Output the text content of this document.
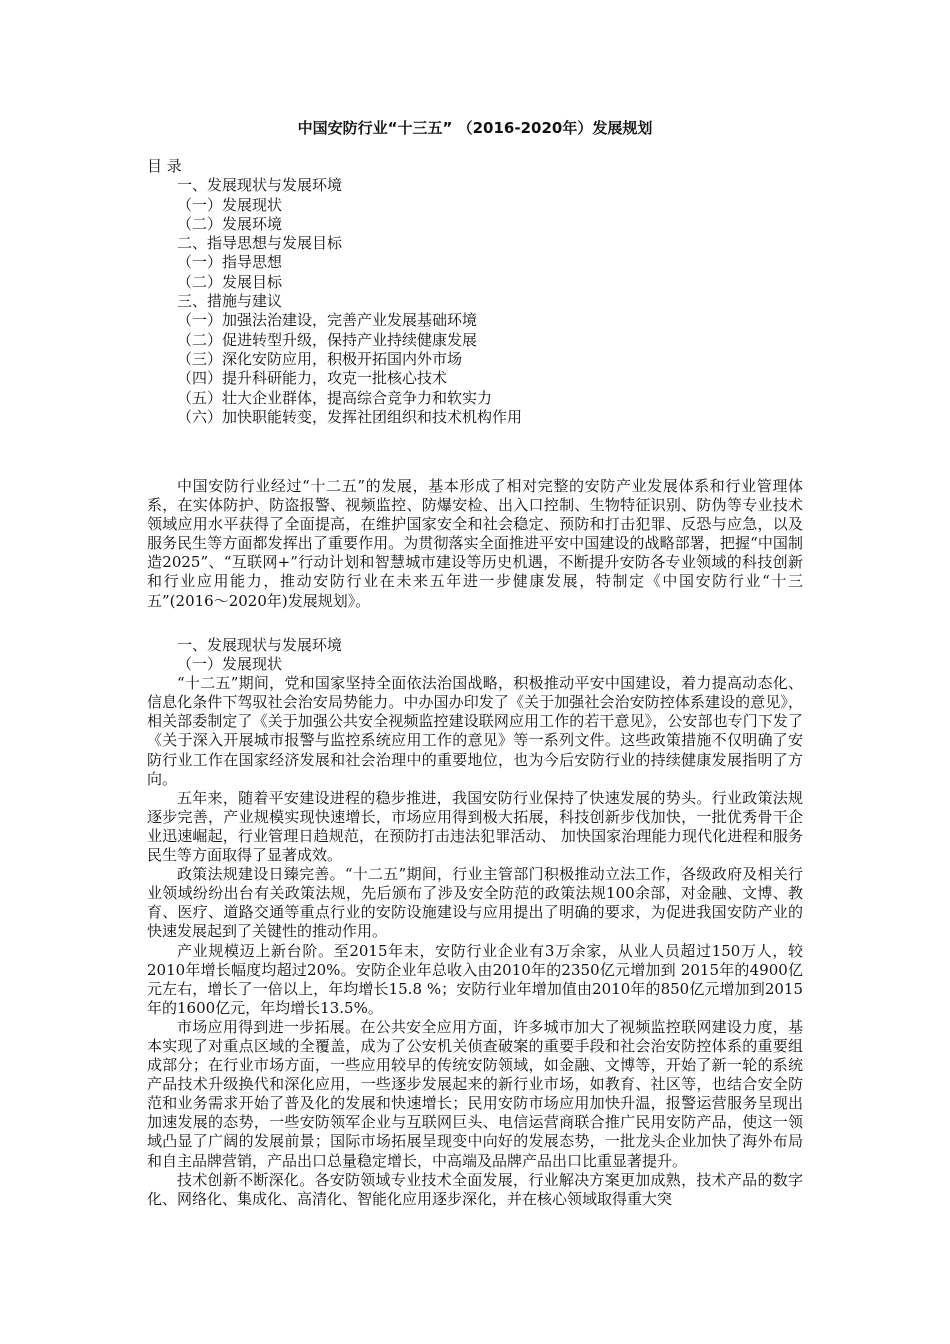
中国安防行业“十三五” （2016-2020年）发展规划

目 录

一、发展现状与发展环境

（一）发展现状

（二）发展环境

二、指导思想与发展目标

（一）指导思想

（二）发展目标

三、措施与建议

（一）加强法治建设，完善产业发展基础环境

（二）促进转型升级，保持产业持续健康发展

（三）深化安防应用，积极开拓国内外市场

（四）提升科研能力，攻克一批核心技术

（五）壮大企业群体，提高综合竞争力和软实力

（六）加快职能转变，发挥社团组织和技术机构作用

中国安防行业经过“十二五”的发展，基本形成了相对完整的安防产业发展体系和行业管理体系，在实体防护、防盗报警、视频监控、防爆安检、出入口控制、生物特征识别、防伪等专业技术领域应用水平获得了全面提高，在维护国家安全和社会稳定、预防和打击犯罪、反恐与应急，以及服务民生等方面都发挥出了重要作用。为贯彻落实全面推进平安中国建设的战略部署，把握“中国制造2025”、“互联网+”行动计划和智慧城市建设等历史机遇，不断提升安防各专业领域的科技创新和行业应用能力，推动安防行业在未来五年进一步健康发展，特制定《中国安防行业“十三五”(2016～2020年)发展规划》。

一、发展现状与发展环境

（一）发展现状

“十二五”期间，党和国家坚持全面依法治国战略，积极推动平安中国建设，着力提高动态化、信息化条件下驾驭社会治安局势能力。中办国办印发了《关于加强社会治安防控体系建设的意见》，相关部委制定了《关于加强公共安全视频监控建设联网应用工作的若干意见》，公安部也专门下发了《关于深入开展城市报警与监控系统应用工作的意见》等一系列文件。这些政策措施不仅明确了安防行业工作在国家经济发展和社会治理中的重要地位，也为今后安防行业的持续健康发展指明了方向。

五年来，随着平安建设进程的稳步推进，我国安防行业保持了快速发展的势头。行业政策法规逐步完善，产业规模实现快速增长，市场应用得到极大拓展，科技创新步伐加快，一批优秀骨干企业迅速崛起，行业管理日趋规范，在预防打击违法犯罪活动、 加快国家治理能力现代化进程和服务民生等方面取得了显著成效。

政策法规建设日臻完善。“十二五”期间，行业主管部门积极推动立法工作，各级政府及相关行业领域纷纷出台有关政策法规，先后颁布了涉及安全防范的政策法规100余部，对金融、文博、教育、医疗、道路交通等重点行业的安防设施建设与应用提出了明确的要求，为促进我国安防产业的快速发展起到了关键性的推动作用。

产业规模迈上新台阶。至2015年末，安防行业企业有3万余家，从业人员超过150万人，较2010年增长幅度均超过20%。安防企业年总收入由2010年的2350亿元增加到 2015年的4900亿元左右，增长了一倍以上，年均增长15.8 %；安防行业年增加值由2010年的850亿元增加到2015年的1600亿元，年均增长13.5%。

市场应用得到进一步拓展。在公共安全应用方面，许多城市加大了视频监控联网建设力度，基本实现了对重点区域的全覆盖，成为了公安机关侦查破案的重要手段和社会治安防控体系的重要组成部分；在行业市场方面，一些应用较早的传统安防领域，如金融、文博等，开始了新一轮的系统产品技术升级换代和深化应用，一些逐步发展起来的新行业市场，如教育、社区等，也结合安全防范和业务需求开始了普及化的发展和快速增长；民用安防市场应用加快升温，报警运营服务呈现出加速发展的态势，一些安防领军企业与互联网巨头、电信运营商联合推广民用安防产品，使这一领域凸显了广阔的发展前景；国际市场拓展呈现变中向好的发展态势，一批龙头企业加快了海外布局和自主品牌营销，产品出口总量稳定增长，中高端及品牌产品出口比重显著提升。

技术创新不断深化。各安防领域专业技术全面发展，行业解决方案更加成熟，技术产品的数字化、网络化、集成化、高清化、智能化应用逐步深化，并在核心领域取得重大突
